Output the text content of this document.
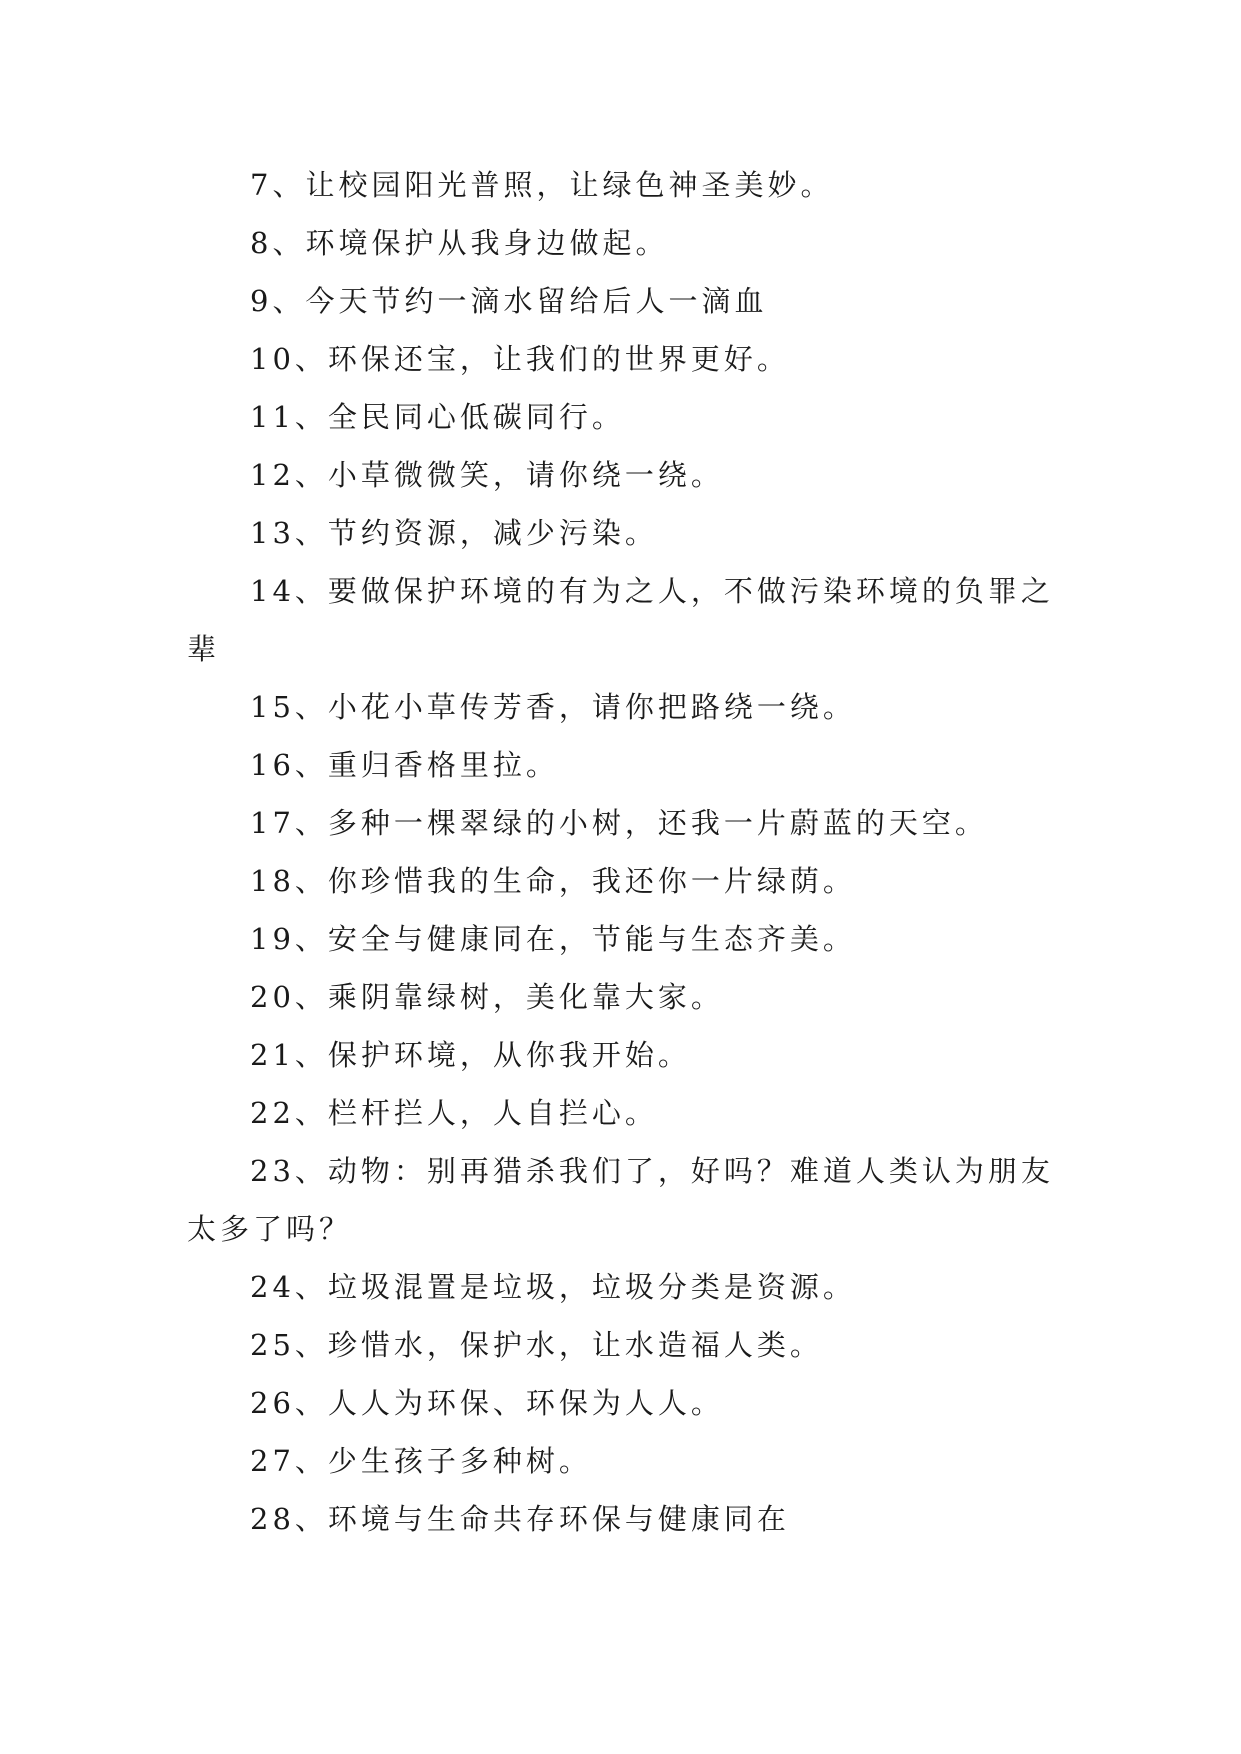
7、让校园阳光普照，让绿色神圣美妙。

8、环境保护从我身边做起。

9、今天节约一滴水留给后人一滴血

10、环保还宝，让我们的世界更好。

11、全民同心低碳同行。

12、小草微微笑，请你绕一绕。

13、节约资源，减少污染。

14、要做保护环境的有为之人，不做污染环境的负罪之辈

15、小花小草传芳香，请你把路绕一绕。

16、重归香格里拉。

17、多种一棵翠绿的小树，还我一片蔚蓝的天空。

18、你珍惜我的生命，我还你一片绿荫。

19、安全与健康同在，节能与生态齐美。

20、乘阴靠绿树，美化靠大家。

21、保护环境，从你我开始。

22、栏杆拦人，人自拦心。

23、动物：别再猎杀我们了，好吗？难道人类认为朋友太多了吗？

24、垃圾混置是垃圾，垃圾分类是资源。

25、珍惜水，保护水，让水造福人类。

26、人人为环保、环保为人人。

27、少生孩子多种树。

28、环境与生命共存环保与健康同在
